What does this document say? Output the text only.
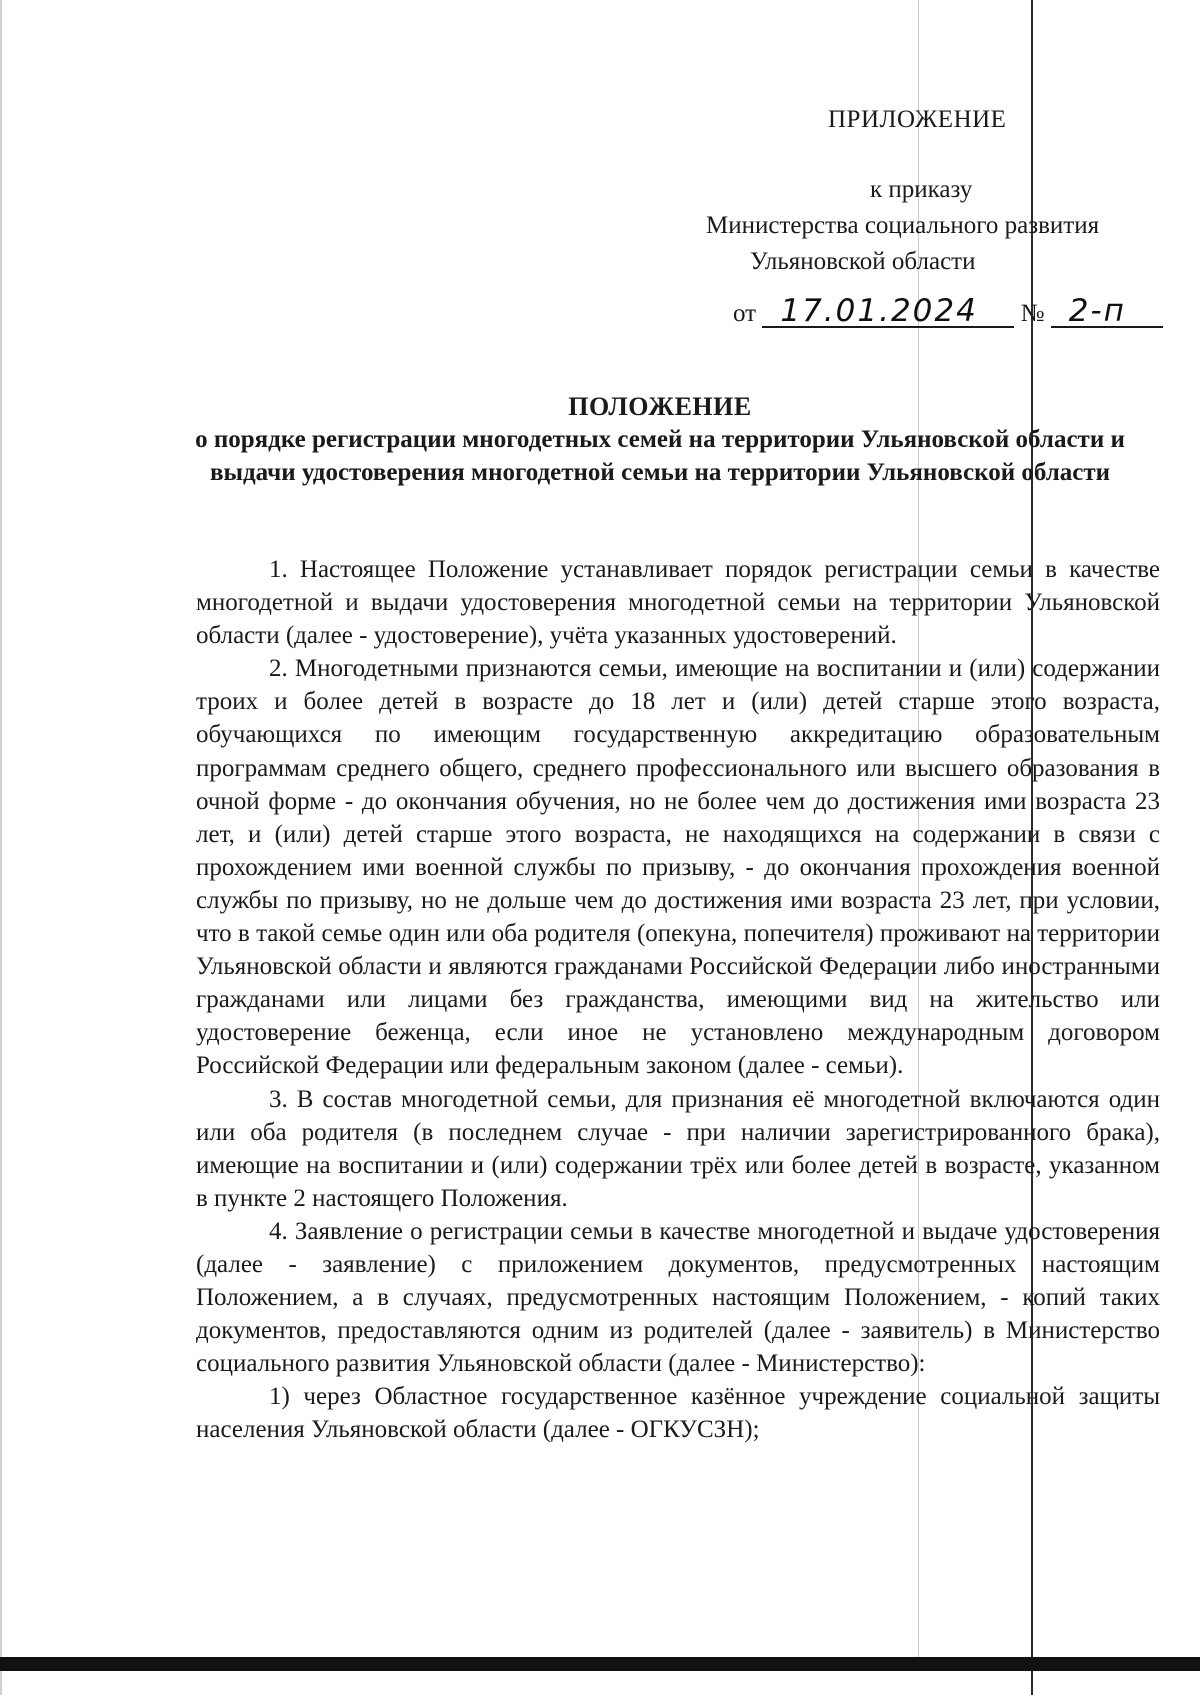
ПРИЛОЖЕНИЕ
к приказу
Министерства социального развития
Ульяновской области
от 17.01.2024 № 2-п
ПОЛОЖЕНИЕ
о порядке регистрации многодетных семей на территории Ульяновской области и выдачи удостоверения многодетной семьи на территории Ульяновской области

1. Настоящее Положение устанавливает порядок регистрации семьи в качестве многодетной и выдачи удостоверения многодетной семьи на территории Ульяновской области (далее - удостоверение), учёта указанных удостоверений.

2. Многодетными признаются семьи, имеющие на воспитании и (или) содержании троих и более детей в возрасте до 18 лет и (или) детей старше этого возраста, обучающихся по имеющим государственную аккредитацию образовательным программам среднего общего, среднего профессионального или высшего образования в очной форме - до окончания обучения, но не более чем до достижения ими возраста 23 лет, и (или) детей старше этого возраста, не находящихся на содержании в связи с прохождением ими военной службы по призыву, - до окончания прохождения военной службы по призыву, но не дольше чем до достижения ими возраста 23 лет, при условии, что в такой семье один или оба родителя (опекуна, попечителя) проживают на территории Ульяновской области и являются гражданами Российской Федерации либо иностранными гражданами или лицами без гражданства, имеющими вид на жительство или удостоверение беженца, если иное не установлено международным договором Российской Федерации или федеральным законом (далее - семьи).

3. В состав многодетной семьи, для признания её многодетной включаются один или оба родителя (в последнем случае - при наличии зарегистрированного брака), имеющие на воспитании и (или) содержании трёх или более детей в возрасте, указанном в пункте 2 настоящего Положения.

4. Заявление о регистрации семьи в качестве многодетной и выдаче удостоверения (далее - заявление) с приложением документов, предусмотренных настоящим Положением, а в случаях, предусмотренных настоящим Положением, - копий таких документов, предоставляются одним из родителей (далее - заявитель) в Министерство социального развития Ульяновской области (далее - Министерство):

1) через Областное государственное казённое учреждение социальной защиты населения Ульяновской области (далее - ОГКУСЗН);
